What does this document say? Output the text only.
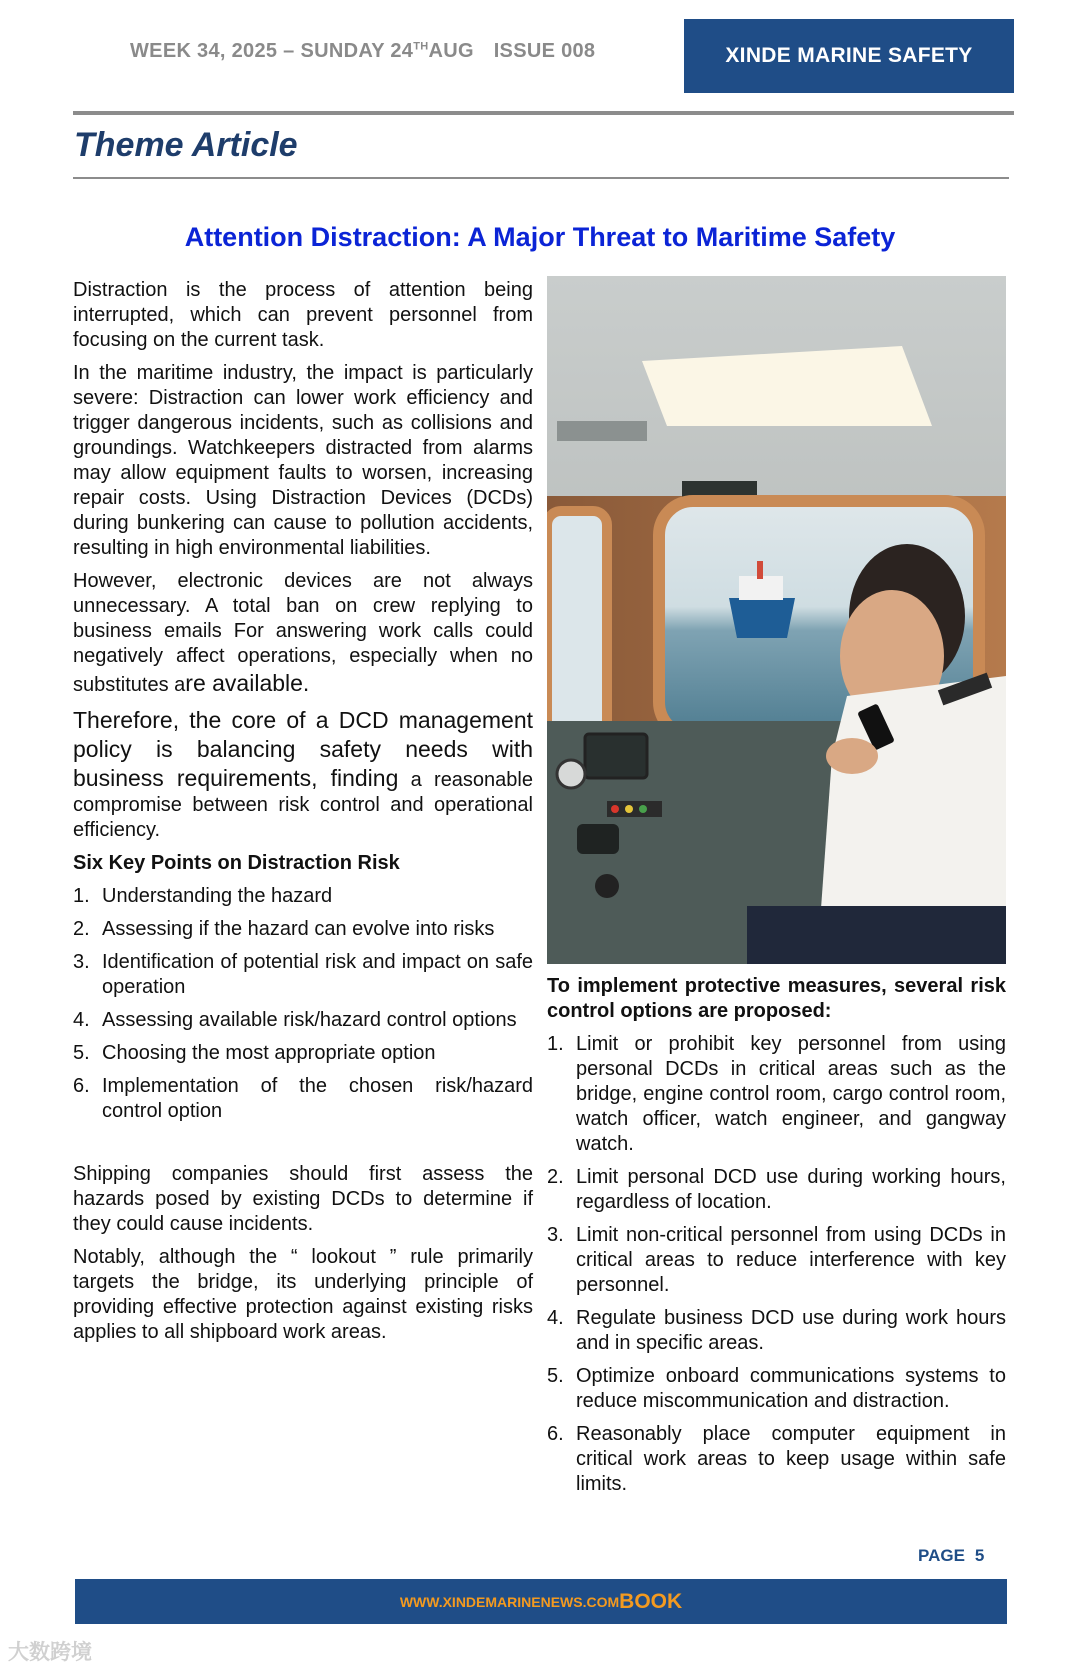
WEEK 34, 2025 – SUNDAY 24THAUG ISSUE 008	XINDE MARINE SAFETY
Theme Article
Attention Distraction: A Major Threat to Maritime Safety

Distraction is the process of attention being interrupted, which can prevent personnel from focusing on the current task.

In the maritime industry, the impact is particularly severe: Distraction can lower work efficiency and trigger dangerous incidents, such as collisions and groundings. Watchkeepers distracted from alarms may allow equipment faults to worsen, increasing repair costs. Using Distraction Devices (DCDs) during bunkering can cause to pollution accidents, resulting in high environmental liabilities.

However, electronic devices are not always unnecessary. A total ban on crew replying to business emails For answering work calls could negatively affect operations, especially when no substitutes are available.

Therefore, the core of a DCD management policy is balancing safety needs with business requirements, finding a reasonable compromise between risk control and operational efficiency.

Six Key Points on Distraction Risk
1. Understanding the hazard
2. Assessing if the hazard can evolve into risks
3. Identification of potential risk and impact on safe operation
4. Assessing available risk/hazard control options
5. Choosing the most appropriate option
6. Implementation of the chosen risk/hazard control option

Shipping companies should first assess the hazards posed by existing DCDs to determine if they could cause incidents.

Notably, although the “ lookout ” rule primarily targets the bridge, its underlying principle of providing effective protection against existing risks applies to all shipboard work areas.

To implement protective measures, several risk control options are proposed:
1. Limit or prohibit key personnel from using personal DCDs in critical areas such as the bridge, engine control room, cargo control room, watch officer, watch engineer, and gangway watch.
2. Limit personal DCD use during working hours, regardless of location.
3. Limit non-critical personnel from using DCDs in critical areas to reduce interference with key personnel.
4. Regulate business DCD use during work hours and in specific areas.
5. Optimize onboard communications systems to reduce miscommunication and distraction.
6. Reasonably place computer equipment in critical work areas to keep usage within safe limits.
PAGE 5
WWW.XINDEMARINENEWS.COM BOOK
大数跨境
